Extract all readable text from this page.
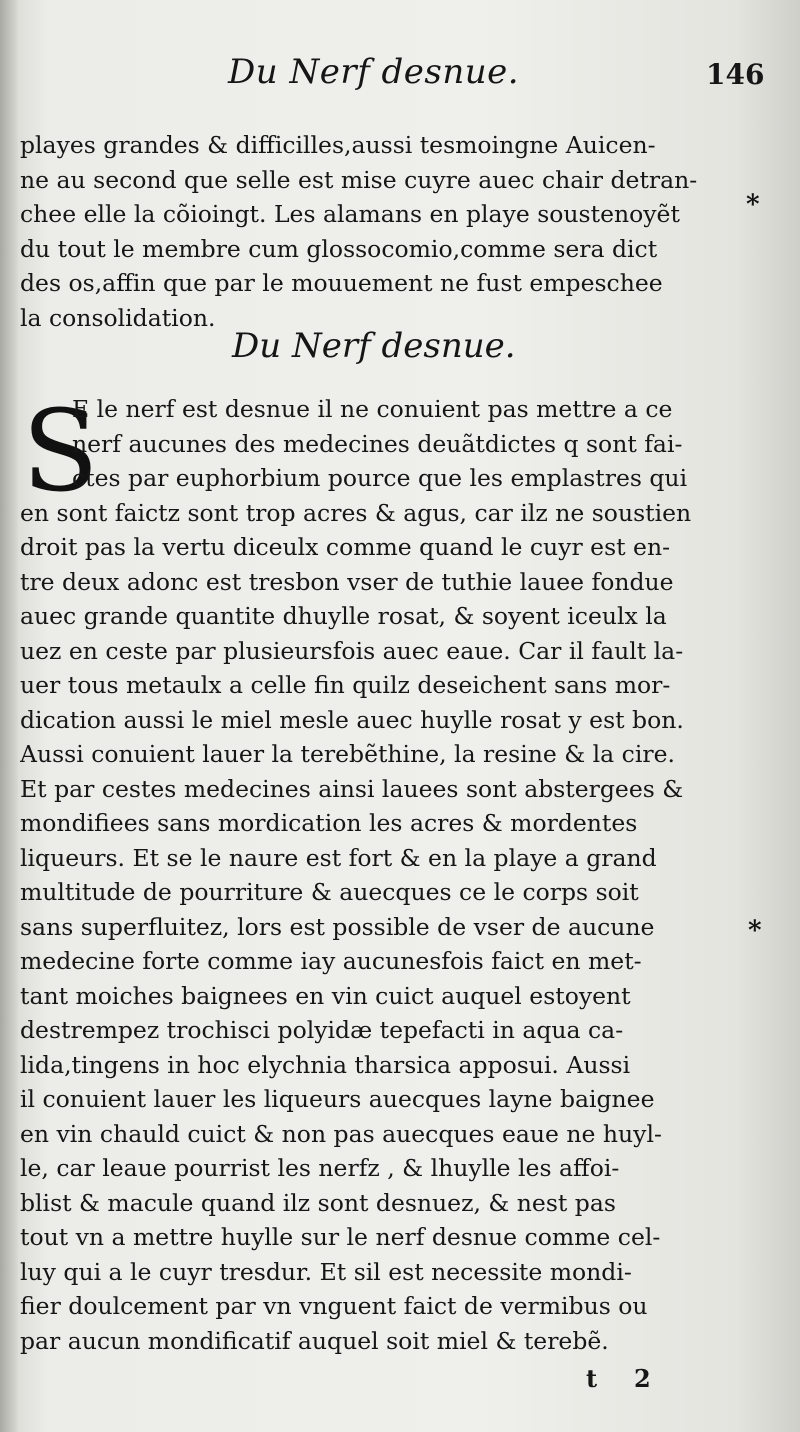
Du Nerf desnue.	146
playes grandes & difficilles,aussi tesmoingne Auicen-
ne au second que selle est mise cuyre auec chair detran-
chee elle la cõioingt. Les alamans en playe soustenoyẽt
du tout le membre cum glossocomio,comme sera dict
des os,affin que par le mouuement ne fust empeschee
la consolidation.
*
Du Nerf desnue.
S
E le nerf est desnue il ne conuient pas mettre a ce
nerf aucunes des medecines deuãtdictes q sont fai-
ctes par euphorbium pource que les emplastres qui
en sont faictz sont trop acres & agus, car ilz ne soustien
droit pas la vertu diceulx comme quand le cuyr est en-
tre deux adonc est tresbon vser de tuthie lauee fondue
auec grande quantite dhuylle rosat, & soyent iceulx la
uez en ceste par plusieursfois auec eaue. Car il fault la-
uer tous metaulx a celle fin quilz deseichent sans mor-
dication aussi le miel mesle auec huylle rosat y est bon.
Aussi conuient lauer la terebẽthine, la resine & la cire.
Et par cestes medecines ainsi lauees sont abstergees &
mondifiees sans mordication les acres & mordentes
liqueurs. Et se le naure est fort & en la playe a grand
multitude de pourriture & auecques ce le corps soit
sans superfluitez, lors est possible de vser de aucune
medecine forte comme iay aucunesfois faict en met-
tant moiches baignees en vin cuict auquel estoyent
destrempez trochisci polyidæ tepefacti in aqua ca-
lida,tingens in hoc elychnia tharsica apposui. Aussi
il conuient lauer les liqueurs auecques layne baignee
en vin chauld cuict & non pas auecques eaue ne huyl-
le, car leaue pourrist les nerfz , & lhuylle les affoi-
blist & macule quand ilz sont desnuez, & nest pas
tout vn a mettre huylle sur le nerf desnue comme cel-
luy qui a le cuyr tresdur. Et sil est necessite mondi-
fier doulcement par vn vnguent faict de vermibus ou
par aucun mondificatif auquel soit miel & terebẽ.
*
t 2
